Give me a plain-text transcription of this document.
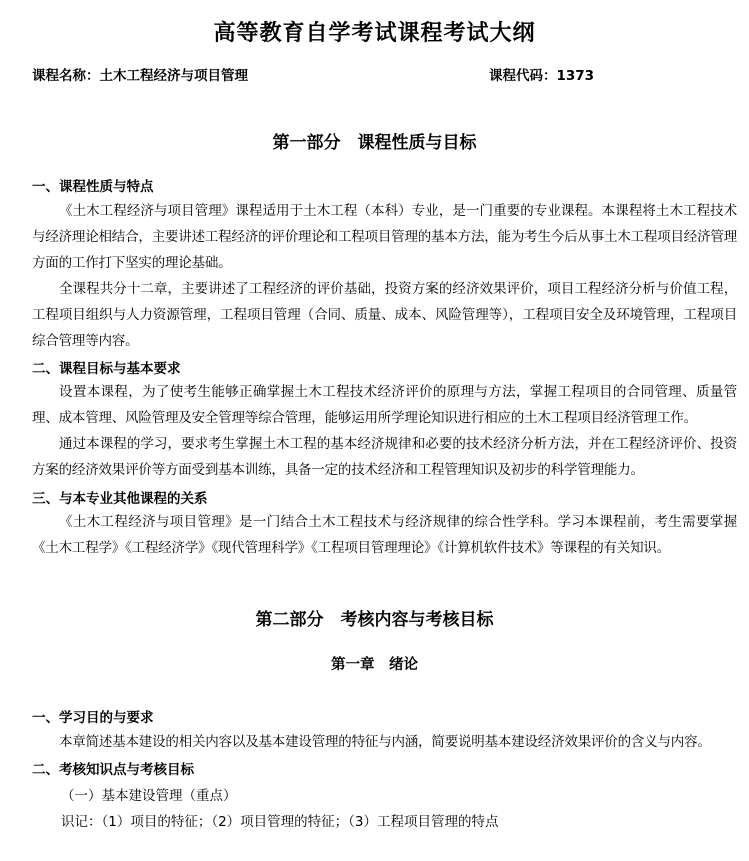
高等教育自学考试课程考试大纲
课程名称：土木工程经济与项目管理	课程代码：1373
第一部分　课程性质与目标
一、课程性质与特点
《土木工程经济与项目管理》课程适用于土木工程（本科）专业，是一门重要的专业课程。本课程将土木工程技术与经济理论相结合，主要讲述工程经济的评价理论和工程项目管理的基本方法，能为考生今后从事土木工程项目经济管理方面的工作打下坚实的理论基础。
全课程共分十二章，主要讲述了工程经济的评价基础，投资方案的经济效果评价，项目工程经济分析与价值工程，工程项目组织与人力资源管理，工程项目管理（合同、质量、成本、风险管理等），工程项目安全及环境管理，工程项目综合管理等内容。
二、课程目标与基本要求
设置本课程，为了使考生能够正确掌握土木工程技术经济评价的原理与方法，掌握工程项目的合同管理、质量管理、成本管理、风险管理及安全管理等综合管理，能够运用所学理论知识进行相应的土木工程项目经济管理工作。
通过本课程的学习，要求考生掌握土木工程的基本经济规律和必要的技术经济分析方法，并在工程经济评价、投资方案的经济效果评价等方面受到基本训练，具备一定的技术经济和工程管理知识及初步的科学管理能力。
三、与本专业其他课程的关系
《土木工程经济与项目管理》是一门结合土木工程技术与经济规律的综合性学科。学习本课程前，考生需要掌握《土木工程学》《工程经济学》《现代管理科学》《工程项目管理理论》《计算机软件技术》等课程的有关知识。
第二部分　考核内容与考核目标
第一章　绪论
一、学习目的与要求
本章简述基本建设的相关内容以及基本建设管理的特征与内涵，简要说明基本建设经济效果评价的含义与内容。
二、考核知识点与考核目标
（一）基本建设管理（重点）
识记：（1）项目的特征；（2）项目管理的特征；（3）工程项目管理的特点
